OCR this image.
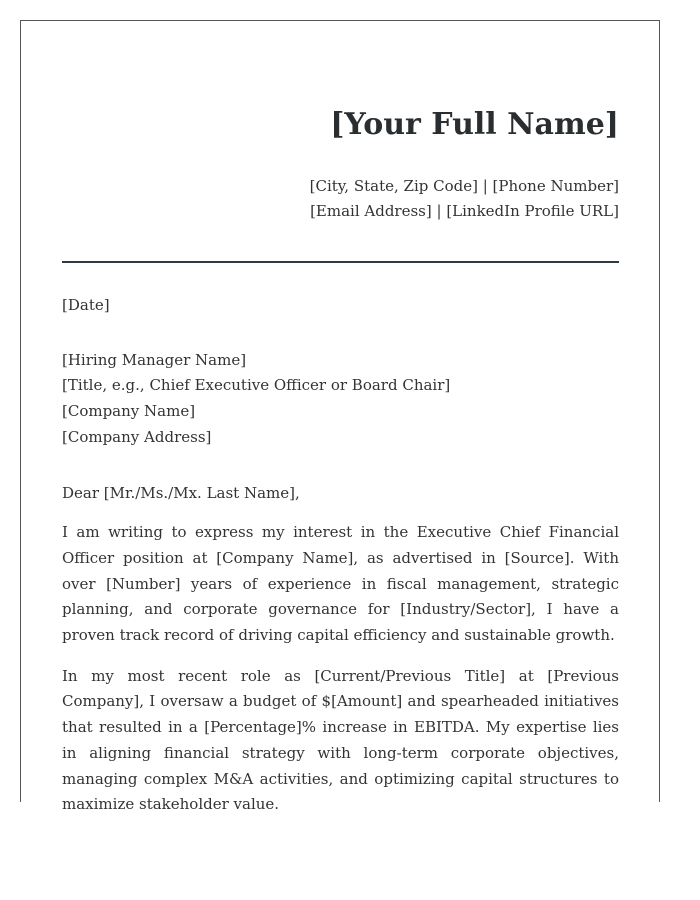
[Your Full Name]
[City, State, Zip Code] | [Phone Number]
[Email Address] | [LinkedIn Profile URL]
[Date]
[Hiring Manager Name]
[Title, e.g., Chief Executive Officer or Board Chair]
[Company Name]
[Company Address]
Dear [Mr./Ms./Mx. Last Name],

I am writing to express my interest in the Executive Chief Financial Officer position at [Company Name], as advertised in [Source]. With over [Number] years of experience in fiscal management, strategic planning, and corporate governance for [Industry/Sector], I have a proven track record of driving capital efficiency and sustainable growth.

In my most recent role as [Current/Previous Title] at [Previous Company], I oversaw a budget of $[Amount] and spearheaded initiatives that resulted in a [Percentage]% increase in EBITDA. My expertise lies in aligning financial strategy with long-term corporate objectives, managing complex M&A activities, and optimizing capital structures to maximize stakeholder value.
